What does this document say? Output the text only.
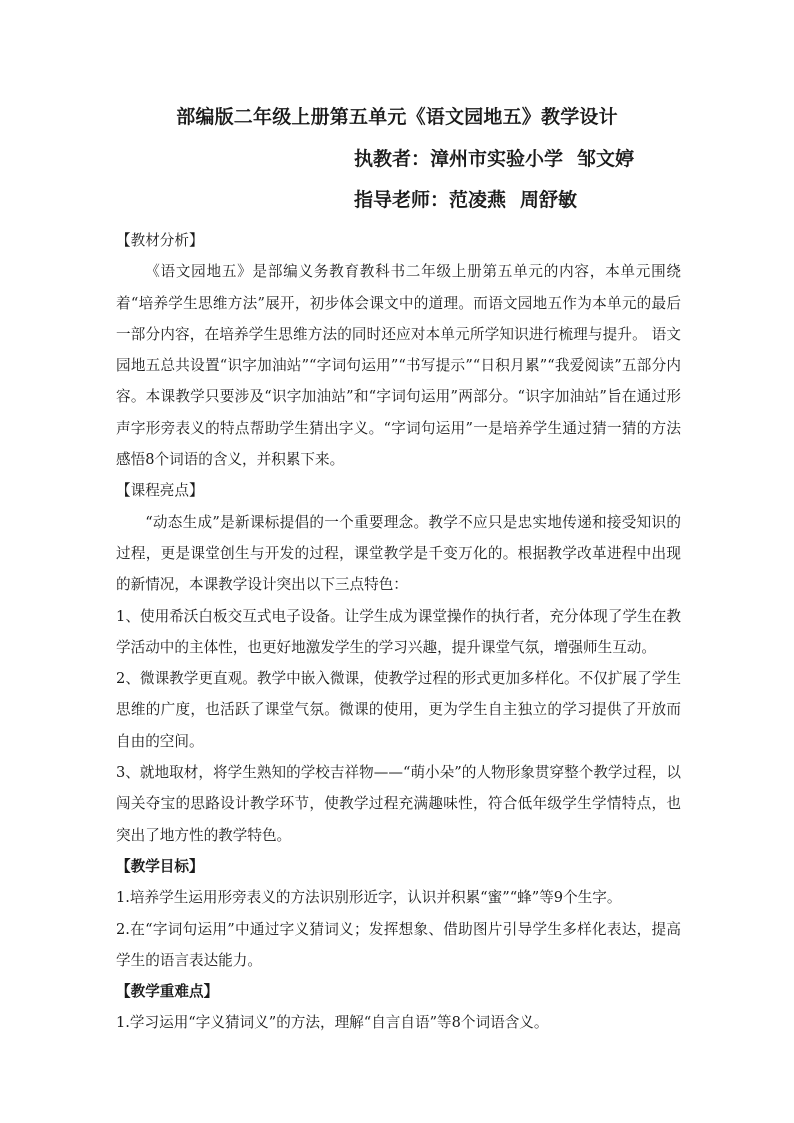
部编版二年级上册第五单元《语文园地五》教学设计
执教者：漳州市实验小学 邹文婷
指导老师：范凌燕 周舒敏

【教材分析】

《语文园地五》是部编义务教育教科书二年级上册第五单元的内容，本单元围绕着“培养学生思维方法”展开，初步体会课文中的道理。而语文园地五作为本单元的最后一部分内容，在培养学生思维方法的同时还应对本单元所学知识进行梳理与提升。 语文园地五总共设置“识字加油站”“字词句运用”“书写提示”“日积月累”“我爱阅读”五部分内容。本课教学只要涉及“识字加油站”和“字词句运用”两部分。“识字加油站”旨在通过形声字形旁表义的特点帮助学生猜出字义。“字词句运用”一是培养学生通过猜一猜的方法感悟8个词语的含义，并积累下来。

【课程亮点】

“动态生成”是新课标提倡的一个重要理念。教学不应只是忠实地传递和接受知识的过程，更是课堂创生与开发的过程，课堂教学是千变万化的。根据教学改革进程中出现的新情况，本课教学设计突出以下三点特色：

1、使用希沃白板交互式电子设备。让学生成为课堂操作的执行者，充分体现了学生在教学活动中的主体性，也更好地激发学生的学习兴趣，提升课堂气氛，增强师生互动。

2、微课教学更直观。教学中嵌入微课，使教学过程的形式更加多样化。不仅扩展了学生思维的广度，也活跃了课堂气氛。微课的使用，更为学生自主独立的学习提供了开放而自由的空间。

3、就地取材，将学生熟知的学校吉祥物——“萌小朵”的人物形象贯穿整个教学过程，以闯关夺宝的思路设计教学环节，使教学过程充满趣味性，符合低年级学生学情特点，也突出了地方性的教学特色。

【教学目标】

1.培养学生运用形旁表义的方法识别形近字，认识并积累“蜜”“蜂”等9个生字。

2.在“字词句运用”中通过字义猜词义；发挥想象、借助图片引导学生多样化表达，提高学生的语言表达能力。

【教学重难点】

1.学习运用“字义猜词义”的方法，理解“自言自语”等8个词语含义。
